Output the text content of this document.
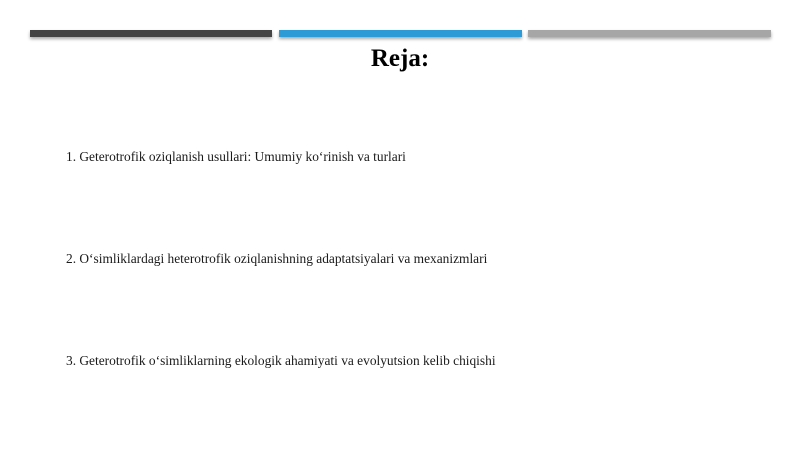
Reja:
1. Geterotrofik oziqlanish usullari: Umumiy ko‘rinish va turlari
2. O‘simliklardagi heterotrofik oziqlanishning adaptatsiyalari va mexanizmlari
3. Geterotrofik o‘simliklarning ekologik ahamiyati va evolyutsion kelib chiqishi
